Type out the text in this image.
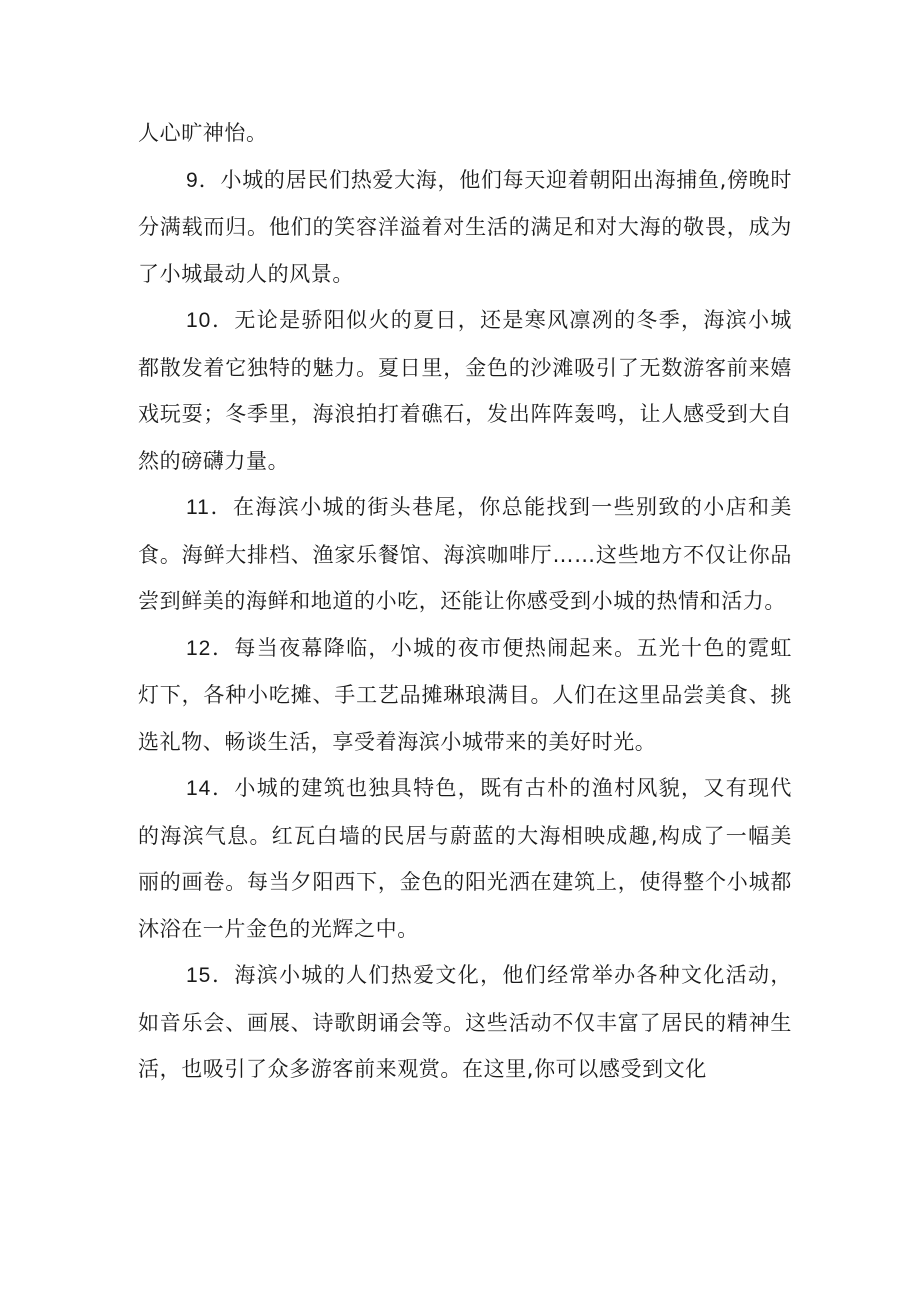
人心旷神怡。

9．小城的居民们热爱大海，他们每天迎着朝阳出海捕鱼,傍晚时分满载而归。他们的笑容洋溢着对生活的满足和对大海的敬畏，成为了小城最动人的风景。

10．无论是骄阳似火的夏日，还是寒风凛冽的冬季，海滨小城都散发着它独特的魅力。夏日里，金色的沙滩吸引了无数游客前来嬉戏玩耍；冬季里，海浪拍打着礁石，发出阵阵轰鸣，让人感受到大自然的磅礴力量。

11．在海滨小城的街头巷尾，你总能找到一些别致的小店和美食。海鲜大排档、渔家乐餐馆、海滨咖啡厅……这些地方不仅让你品尝到鲜美的海鲜和地道的小吃，还能让你感受到小城的热情和活力。

12．每当夜幕降临，小城的夜市便热闹起来。五光十色的霓虹灯下，各种小吃摊、手工艺品摊琳琅满目。人们在这里品尝美食、挑选礼物、畅谈生活，享受着海滨小城带来的美好时光。

14．小城的建筑也独具特色，既有古朴的渔村风貌，又有现代的海滨气息。红瓦白墙的民居与蔚蓝的大海相映成趣,构成了一幅美丽的画卷。每当夕阳西下，金色的阳光洒在建筑上，使得整个小城都沐浴在一片金色的光辉之中。

15．海滨小城的人们热爱文化，他们经常举办各种文化活动，如音乐会、画展、诗歌朗诵会等。这些活动不仅丰富了居民的精神生活，也吸引了众多游客前来观赏。在这里,你可以感受到文化
